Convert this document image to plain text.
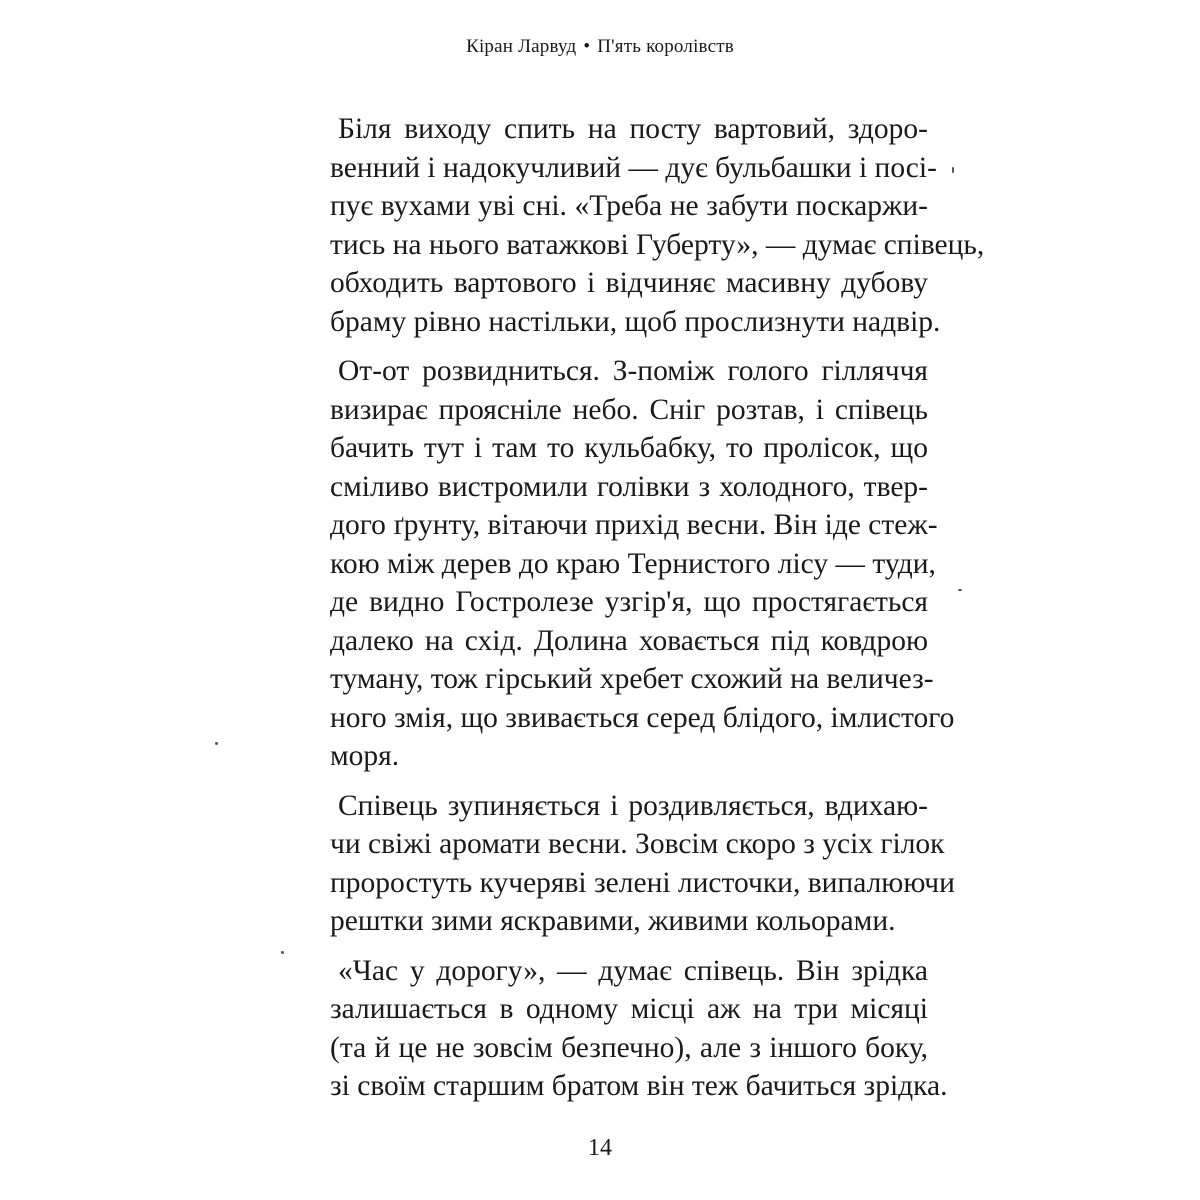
Кіран Ларвуд • П'ять королівств

Біля виходу спить на посту вартовий, здоро-
венний і надокучливий — дує бульбашки і посі-
пує вухами уві сні. «Треба не забути поскаржи-
тись на нього ватажкові Губерту», — думає співець,
обходить вартового і відчиняє масивну дубову
браму рівно настільки, щоб прослизнути надвір.

От-от розвидниться. З-поміж голого гілляччя
визирає проясніле небо. Сніг розтав, і співець
бачить тут і там то кульбабку, то пролісок, що
сміливо вистромили голівки з холодного, твер-
дого ґрунту, вітаючи прихід весни. Він іде стеж-
кою між дерев до краю Тернистого лісу — туди,
де видно Гостролезе узгір'я, що простягається
далеко на схід. Долина ховається під ковдрою
туману, тож гірський хребет схожий на величез-
ного змія, що звивається серед блідого, імлистого
моря.

Співець зупиняється і роздивляється, вдихаю-
чи свіжі аромати весни. Зовсім скоро з усіх гілок
проростуть кучеряві зелені листочки, випалюючи
рештки зими яскравими, живими кольорами.

«Час у дорогу», — думає співець. Він зрідка
залишається в одному місці аж на три місяці
(та й це не зовсім безпечно), але з іншого боку,
зі своїм старшим братом він теж бачиться зрідка.

14
